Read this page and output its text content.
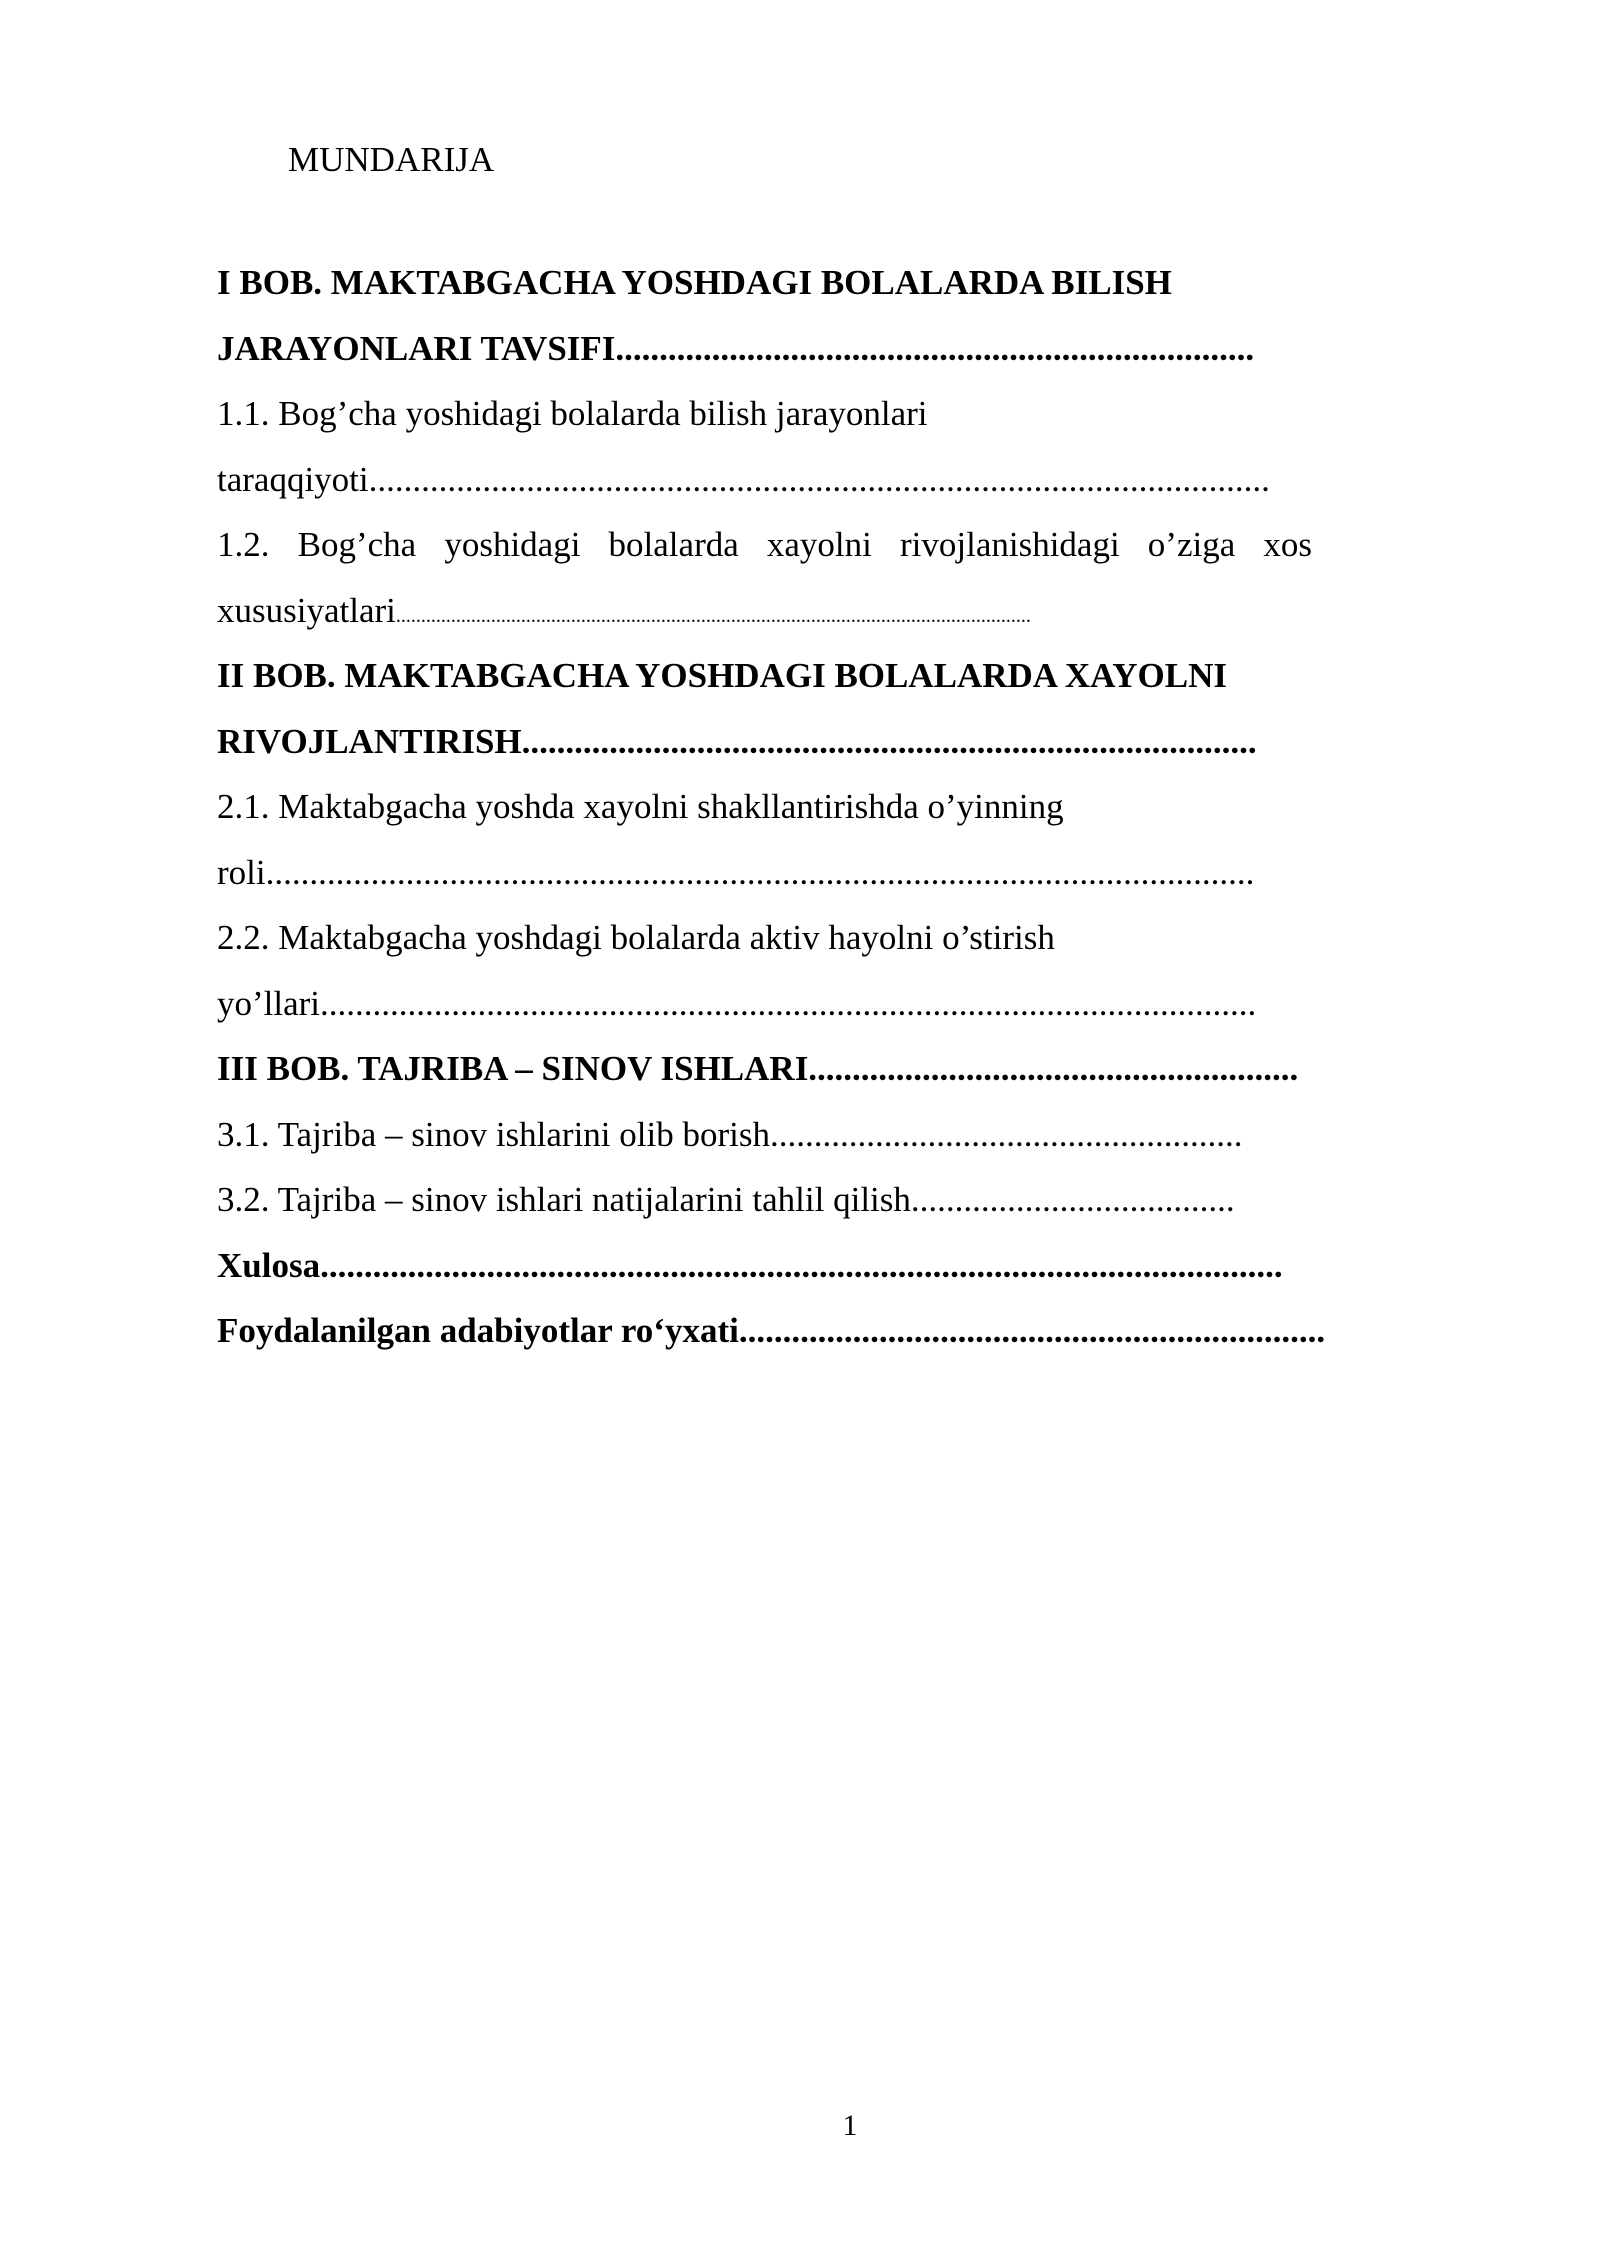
MUNDARIJA
I BOB. MAKTABGACHA YOSHDAGI BOLALARDA BILISH
JARAYONLARI TAVSIFI.........................................................................
1.1. Bog’cha yoshidagi bolalarda bilish jarayonlari
taraqqiyoti.......................................................................................................
1.2. Bog’cha yoshidagi bolalarda xayolni rivojlanishidagi o’ziga xos
xususiyatlari...............................................................................................................................
II BOB. MAKTABGACHA YOSHDAGI BOLALARDA XAYOLNI
RIVOJLANTIRISH....................................................................................
2.1. Maktabgacha yoshda xayolni shakllantirishda o’yinning
roli.................................................................................................................
2.2. Maktabgacha yoshdagi bolalarda aktiv hayolni o’stirish
yo’llari...........................................................................................................
III BOB. TAJRIBA – SINOV ISHLARI........................................................
3.1. Tajriba – sinov ishlarini olib borish......................................................
3.2. Tajriba – sinov ishlari natijalarini tahlil qilish.....................................
Xulosa..............................................................................................................
Foydalanilgan adabiyotlar ro‘yxati...................................................................
1
